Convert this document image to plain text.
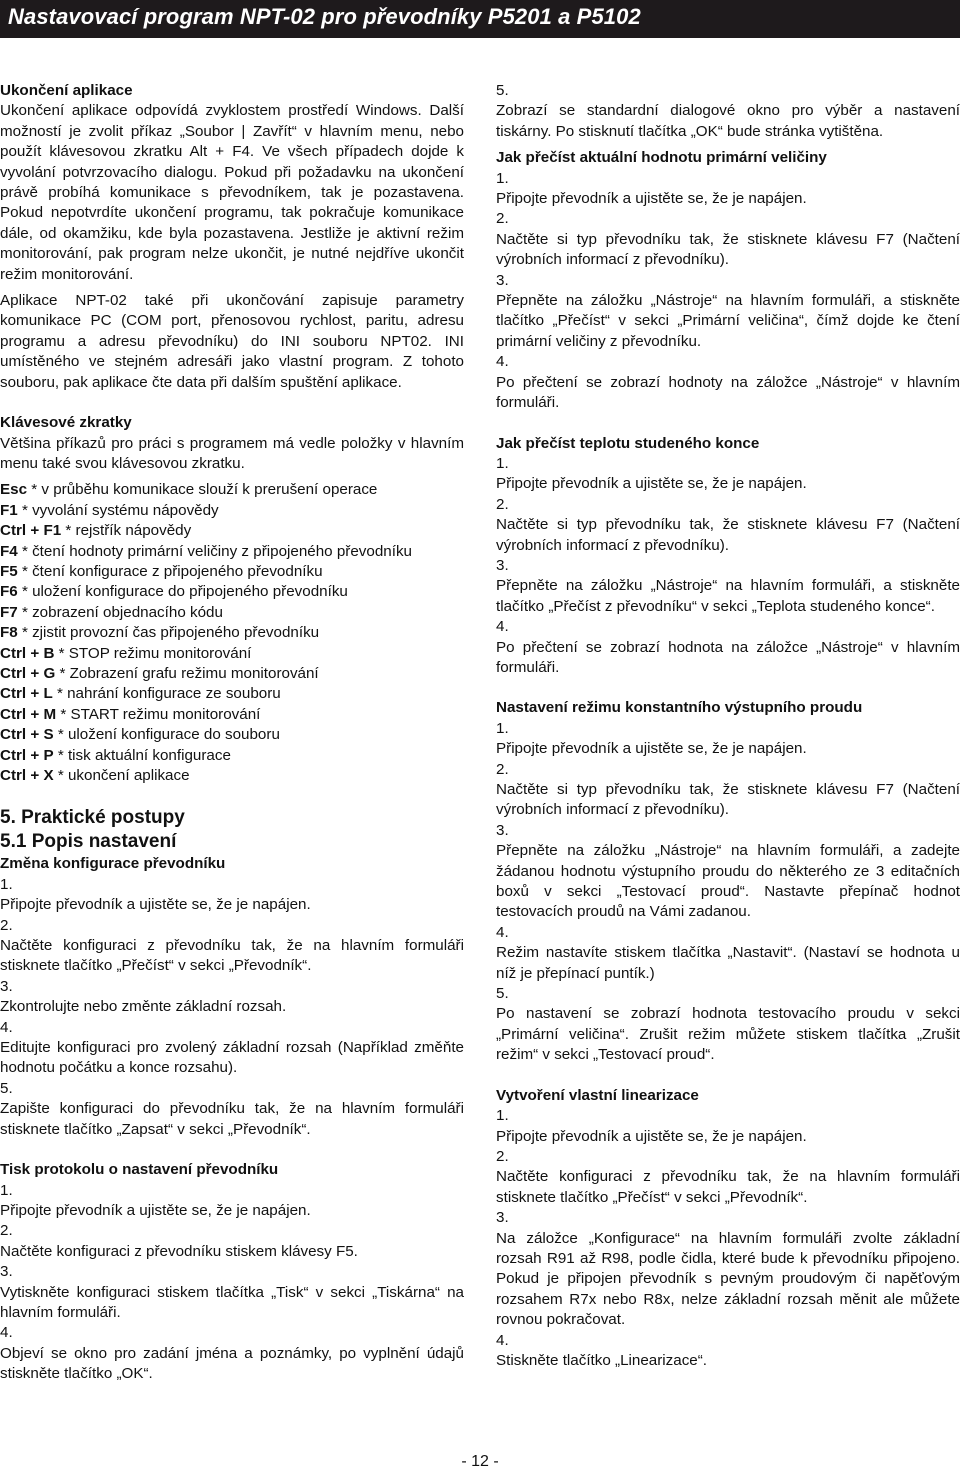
Nastavovací program NPT-02 pro převodníky P5201 a P5102

Ukončení aplikace

Ukončení aplikace odpovídá zvyklostem prostředí Windows. Další možností je zvolit příkaz „Soubor | Zavřít“ v hlavním menu, nebo použít klávesovou zkratku Alt + F4. Ve všech případech dojde k vyvolání potvrzovacího dialogu. Pokud při požadavku na ukončení právě probíhá komunikace s převodníkem, tak je pozastavena. Pokud nepotvrdíte ukončení programu, tak pokračuje komunikace dále, od okamžiku, kde byla pozastavena. Jestliže je aktivní režim monitorování, pak program nelze ukončit, je nutné nejdříve ukončit režim monitorování.

Aplikace NPT-02 také při ukončování zapisuje parametry komunikace PC (COM port, přenosovou rychlost, paritu, adresu programu a adresu převodníku) do INI souboru NPT02. INI umístěného ve stejném adresáři jako vlastní program. Z tohoto souboru, pak aplikace čte data při dalším spuštění aplikace.

Klávesové zkratky

Většina příkazů pro práci s programem má vedle položky v hlavním menu také svou klávesovou zkratku.

Esc * v průběhu komunikace slouží k prerušení operace

F1 * vyvolání systému nápovědy

Ctrl + F1 * rejstřík nápovědy

F4 * čtení hodnoty primární veličiny z připojeného převodníku

F5 * čtení konfigurace z připojeného převodníku

F6 * uložení konfigurace do připojeného převodníku

F7 * zobrazení objednacího kódu

F8 * zjistit provozní čas připojeného převodníku

Ctrl + B * STOP režimu monitorování

Ctrl + G * Zobrazení grafu režimu monitorování

Ctrl + L * nahrání konfigurace ze souboru

Ctrl + M * START režimu monitorování

Ctrl + S * uložení konfigurace do souboru

Ctrl + P * tisk aktuální konfigurace

Ctrl + X * ukončení aplikace

5. Praktické postupy

5.1 Popis nastavení

Změna konfigurace převodníku

1.

Připojte převodník a ujistěte se, že je napájen.

2.

Načtěte konfiguraci z převodníku tak, že na hlavním formuláři stisknete tlačítko „Přečíst“ v sekci „Převodník“.

3.

Zkontrolujte nebo změnte základní rozsah.

4.

Editujte konfiguraci pro zvolený základní rozsah (Například změňte hodnotu počátku a konce rozsahu).

5.

Zapište konfiguraci do převodníku tak, že na hlavním formuláři stisknete tlačítko „Zapsat“ v sekci „Převodník“.

Tisk protokolu o nastavení převodníku

1.

Připojte převodník a ujistěte se, že je napájen.

2.

Načtěte konfiguraci z převodníku stiskem klávesy F5.

3.

Vytiskněte konfiguraci stiskem tlačítka „Tisk“ v sekci „Tiskárna“ na hlavním formuláři.

4.

Objeví se okno pro zadání jména a poznámky, po vyplnění údajů stiskněte tlačítko „OK“.

5.

Zobrazí se standardní dialogové okno pro výběr a nastavení tiskárny. Po stisknutí tlačítka „OK“ bude stránka vytištěna.

Jak přečíst aktuální hodnotu primární veličiny

1.

Připojte převodník a ujistěte se, že je napájen.

2.

Načtěte si typ převodníku tak, že stisknete klávesu F7 (Načtení výrobních informací z převodníku).

3.

Přepněte na záložku „Nástroje“ na hlavním formuláři, a stiskněte tlačítko „Přečíst“ v sekci „Primární veličina“, čímž dojde ke čtení primární veličiny z převodníku.

4.

Po přečtení se zobrazí hodnoty na záložce „Nástroje“ v hlavním formuláři.

Jak přečíst teplotu studeného konce

1.

Připojte převodník a ujistěte se, že je napájen.

2.

Načtěte si typ převodníku tak, že stisknete klávesu F7 (Načtení výrobních informací z převodníku).

3.

Přepněte na záložku „Nástroje“ na hlavním formuláři, a stiskněte tlačítko „Přečíst z převodníku“ v sekci „Teplota studeného konce“.

4.

Po přečtení se zobrazí hodnota na záložce „Nástroje“ v hlavním formuláři.

Nastavení režimu konstantního výstupního proudu

1.

Připojte převodník a ujistěte se, že je napájen.

2.

Načtěte si typ převodníku tak, že stisknete klávesu F7 (Načtení výrobních informací z převodníku).

3.

Přepněte na záložku „Nástroje“ na hlavním formuláři, a zadejte žádanou hodnotu výstupního proudu do některého ze 3 editačních boxů v sekci „Testovací proud“. Nastavte přepínač hodnot testovacích proudů na Vámi zadanou.

4.

Režim nastavíte stiskem tlačítka „Nastavit“. (Nastaví se hodnota u níž je přepínací puntík.)

5.

Po nastavení se zobrazí hodnota testovacího proudu v sekci „Primární veličina“. Zrušit režim můžete stiskem tlačítka „Zrušit režim“ v sekci „Testovací proud“.

Vytvoření vlastní linearizace

1.

Připojte převodník a ujistěte se, že je napájen.

2.

Načtěte konfiguraci z převodníku tak, že na hlavním formuláři stisknete tlačítko „Přečíst“ v sekci „Převodník“.

3.

Na záložce „Konfigurace“ na hlavním formuláři zvolte základní rozsah R91 až R98, podle čidla, které bude k převodníku připojeno. Pokud je připojen převodník s pevným proudovým či napěťovým rozsahem R7x nebo R8x, nelze základní rozsah měnit ale můžete rovnou pokračovat.

4.

Stiskněte tlačítko „Linearizace“.

- 12 -
